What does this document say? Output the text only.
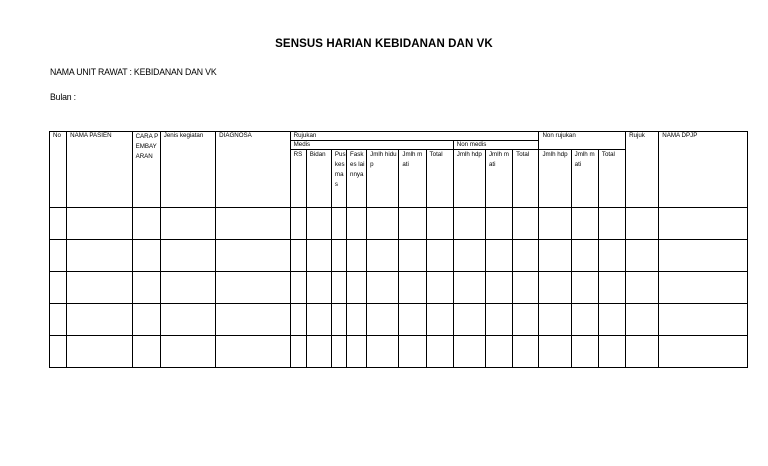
SENSUS HARIAN KEBIDANAN DAN VK
NAMA UNIT RAWAT : KEBIDANAN DAN VK
Bulan :
No	NAMA PASIEN	CARA PEMBAYARAN	Jenis kegiatan	DIAGNOSA	Rujukan										Non rujukan			Rujuk	NAMA DPJP
					Medis							Non medis							
					RS	Bidan	Puskesmas	Faskes lainnya	Jmlh hidup	Jmlh mati	Total	Jmlh hdp	Jmlh mati	Total	Jmlh hdp	Jmlh mati	Total		
